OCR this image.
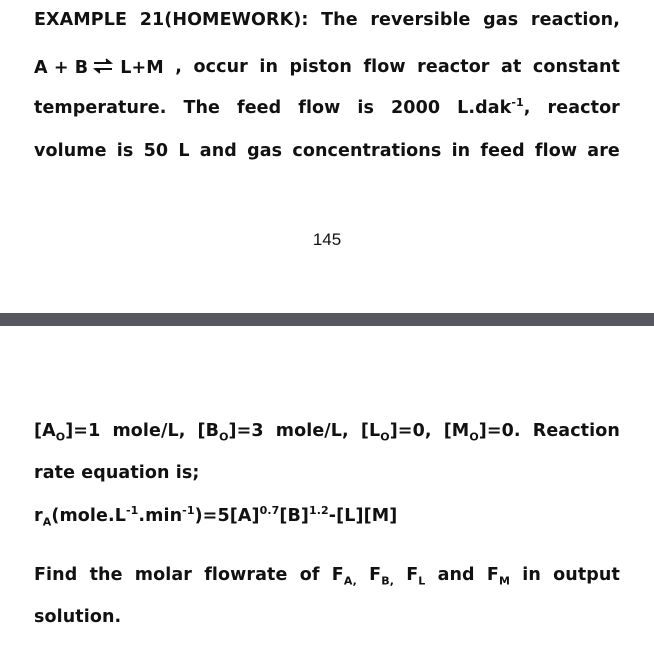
EXAMPLE 21(HOMEWORK): The reversible gas reaction,
A + B ⇌ L+M , occur in piston flow reactor at constant
temperature. The feed flow is 2000 L.dak$^{-1}$, reactor
volume is 50 L and gas concentrations in feed flow are
145
$[A_O]=1$ mole/L, $[B_O]=3$ mole/L, $[L_O]=0$, $[M_O]=0$. Reaction
rate equation is;
$r_A(mole.L^{-1}.\min^{-1})=5[A]^{0.7}[B]^{1.2}-[L][M]$
Find the molar flowrate of $F_{A,}$ $F_{B,}$ $F_L$ and $F_M$ in output
solution.
